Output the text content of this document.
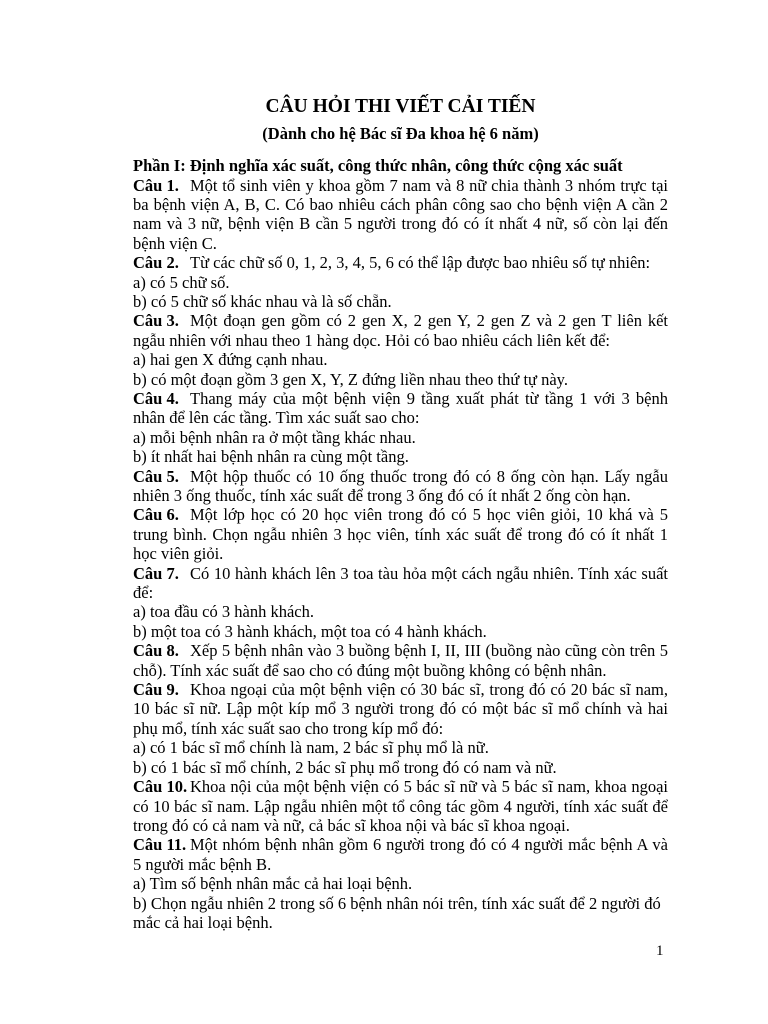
CÂU HỎI THI VIẾT CẢI TIẾN

(Dành cho hệ Bác sĩ Đa khoa hệ 6 năm)

Phần I: Định nghĩa xác suất, công thức nhân, công thức cộng xác suất

Câu 1. Một tổ sinh viên y khoa gồm 7 nam và 8 nữ chia thành 3 nhóm trực tại ba bệnh viện A, B, C. Có bao nhiêu cách phân công sao cho bệnh viện A cần 2 nam và 3 nữ, bệnh viện B cần 5 người trong đó có ít nhất 4 nữ, số còn lại đến bệnh viện C.

Câu 2. Từ các chữ số 0, 1, 2, 3, 4, 5, 6 có thể lập được bao nhiêu số tự nhiên:

a) có 5 chữ số.

b) có 5 chữ số khác nhau và là số chẵn.

Câu 3. Một đoạn gen gồm có 2 gen X, 2 gen Y, 2 gen Z và 2 gen T liên kết ngẫu nhiên với nhau theo 1 hàng dọc. Hỏi có bao nhiêu cách liên kết để:

a) hai gen X đứng cạnh nhau.

b) có một đoạn gồm 3 gen X, Y, Z đứng liền nhau theo thứ tự này.

Câu 4. Thang máy của một bệnh viện 9 tầng xuất phát từ tầng 1 với 3 bệnh nhân để lên các tầng. Tìm xác suất sao cho:

a) mỗi bệnh nhân ra ở một tầng khác nhau.

b) ít nhất hai bệnh nhân ra cùng một tầng.

Câu 5. Một hộp thuốc có 10 ống thuốc trong đó có 8 ống còn hạn. Lấy ngẫu nhiên 3 ống thuốc, tính xác suất để trong 3 ống đó có ít nhất 2 ống còn hạn.

Câu 6. Một lớp học có 20 học viên trong đó có 5 học viên giỏi, 10 khá và 5 trung bình. Chọn ngẫu nhiên 3 học viên, tính xác suất để trong đó có ít nhất 1 học viên giỏi.

Câu 7. Có 10 hành khách lên 3 toa tàu hỏa một cách ngẫu nhiên. Tính xác suất để:

a) toa đầu có 3 hành khách.

b) một toa có 3 hành khách, một toa có 4 hành khách.

Câu 8. Xếp 5 bệnh nhân vào 3 buồng bệnh I, II, III (buồng nào cũng còn trên 5 chỗ). Tính xác suất để sao cho có đúng một buồng không có bệnh nhân.

Câu 9. Khoa ngoại của một bệnh viện có 30 bác sĩ, trong đó có 20 bác sĩ nam, 10 bác sĩ nữ. Lập một kíp mổ 3 người trong đó có một bác sĩ mổ chính và hai phụ mổ, tính xác suất sao cho trong kíp mổ đó:

a) có 1 bác sĩ mổ chính là nam, 2 bác sĩ phụ mổ là nữ.

b) có 1 bác sĩ mổ chính, 2 bác sĩ phụ mổ trong đó có nam và nữ.

Câu 10. Khoa nội của một bệnh viện có 5 bác sĩ nữ và 5 bác sĩ nam, khoa ngoại có 10 bác sĩ nam. Lập ngẫu nhiên một tổ công tác gồm 4 người, tính xác suất để trong đó có cả nam và nữ, cả bác sĩ khoa nội và bác sĩ khoa ngoại.

Câu 11. Một nhóm bệnh nhân gồm 6 người trong đó có 4 người mắc bệnh A và 5 người mắc bệnh B.

a) Tìm số bệnh nhân mắc cả hai loại bệnh.

b) Chọn ngẫu nhiên 2 trong số 6 bệnh nhân nói trên, tính xác suất để 2 người đó mắc cả hai loại bệnh.

1
